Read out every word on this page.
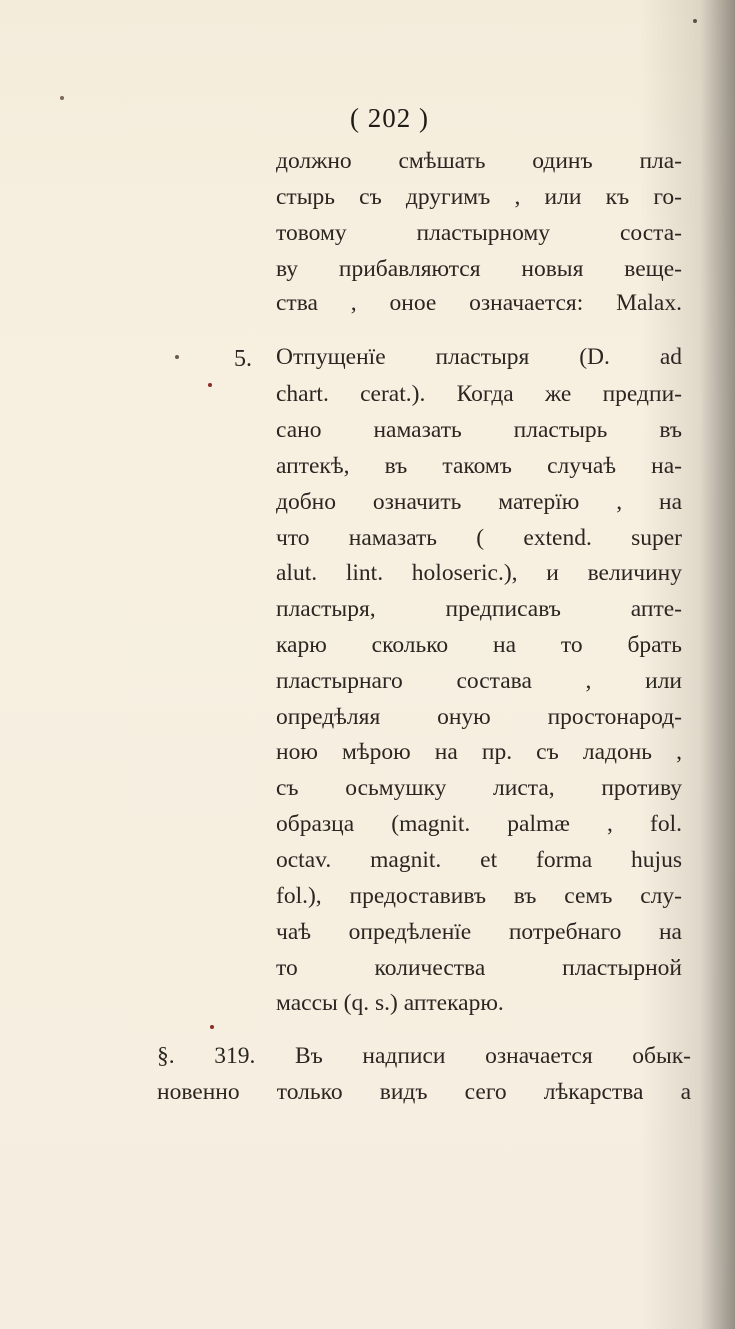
( 202 )
должно смѣшать одинъ пла-
стырь съ другимъ , или къ го-
товому пластырному соста-
ву прибавляются новыя веще-
ства , оное означается: Malax.
5. Отпущенїе пластыря (D. ad
chart. cerat.). Когда же предпи-
сано намазать пластырь въ
аптекѣ, въ такомъ случаѣ на-
добно означить матерїю , на
что намазать ( extend. super
alut. lint. holoseric.), и величину
пластыря, предписавъ апте-
карю сколько на то брать
пластырнаго состава , или
опредѣляя оную простонарод-
ною мѣрою на пр. съ ладонь ,
съ осьмушку листа, противу
образца (magnit. palmæ , fol.
octav. magnit. et forma hujus
fol.), предоставивъ въ семъ слу-
чаѣ опредѣленїе потребнаго на
то количества пластырной
массы (q. s.) аптекарю.
§. 319. Въ надписи означается обык-
новенно только видъ сего лѣкарства а
